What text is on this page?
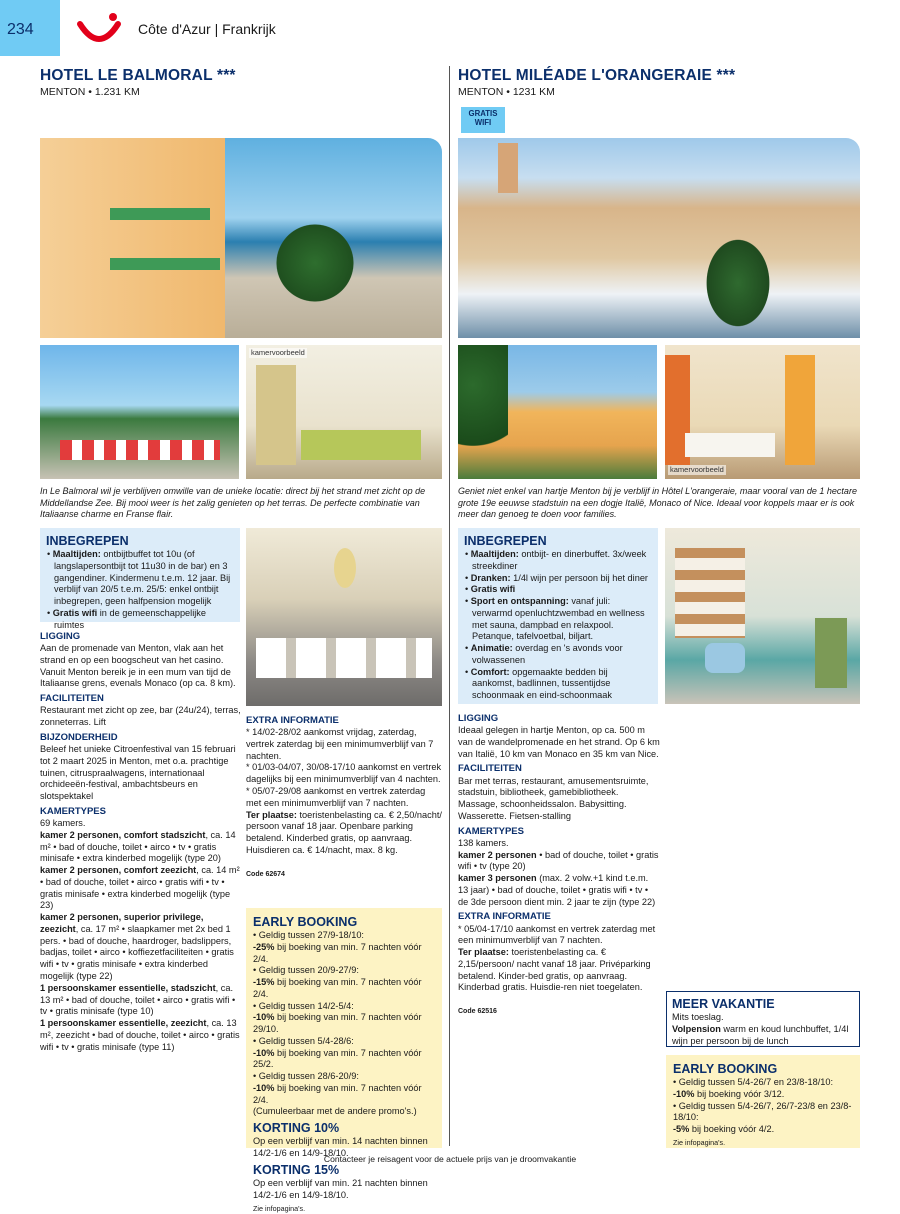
234	Côte d'Azur | Frankrijk
HOTEL LE BALMORAL ***
MENTON • 1.231 KM
kamervoorbeeld
In Le Balmoral wil je verblijven omwille van de unieke locatie: direct bij het strand met zicht op de Middellandse Zee. Bij mooi weer is het zalig genieten op het terras. De perfecte combinatie van Italiaanse charme en Franse flair.
INBEGREPEN
• Maaltijden: ontbijtbuffet tot 10u (of langslapersontbijt tot 11u30 in de bar) en 3 gangendiner. Kindermenu t.e.m. 12 jaar. Bij verblijf van 20/5 t.e.m. 25/5: enkel ontbijt inbegrepen, geen halfpension mogelijk
• Gratis wifi in de gemeenschappelijke ruimtes
LIGGING
Aan de promenade van Menton, vlak aan het strand en op een boogscheut van het casino. Vanuit Menton bereik je in een mum van tijd de Italiaanse grens, evenals Monaco (op ca. 8 km).
FACILITEITEN
Restaurant met zicht op zee, bar (24u/24), terras, zonneterras. Lift
BIJZONDERHEID
Beleef het unieke Citroenfestival van 15 februari tot 2 maart 2025 in Menton, met o.a. prachtige tuinen, citruspraalwagens, internationaal orchideeën-festival, ambachtsbeurs en slotspektakel
KAMERTYPES
69 kamers.
kamer 2 personen, comfort stadszicht, ca. 14 m² • bad of douche, toilet • airco • tv • gratis minisafe • extra kinderbed mogelijk (type 20)
kamer 2 personen, comfort zeezicht, ca. 14 m² • bad of douche, toilet • airco • gratis wifi • tv • gratis minisafe • extra kinderbed mogelijk (type 23)
kamer 2 personen, superior privilege, zeezicht, ca. 17 m² • slaapkamer met 2x bed 1 pers. • bad of douche, haardroger, badslippers, badjas, toilet • airco • koffiezetfaciliteiten • gratis wifi • tv • gratis minisafe • extra kinderbed mogelijk (type 22)
1 persoonskamer essentielle, stadszicht, ca. 13 m² • bad of douche, toilet • airco • gratis wifi • tv • gratis minisafe (type 10)
1 persoonskamer essentielle, zeezicht, ca. 13 m², zeezicht • bad of douche, toilet • airco • gratis wifi • tv • gratis minisafe (type 11)
EXTRA INFORMATIE
* 14/02-28/02 aankomst vrijdag, zaterdag, vertrek zaterdag bij een minimumverblijf van 7 nachten.
* 01/03-04/07, 30/08-17/10 aankomst en vertrek dagelijks bij een minimumverblijf van 4 nachten.
* 05/07-29/08 aankomst en vertrek zaterdag met een minimumverblijf van 7 nachten.
Ter plaatse: toeristenbelasting ca. € 2,50/nacht/ persoon vanaf 18 jaar. Openbare parking betalend. Kinderbed gratis, op aanvraag. Huisdieren ca. € 14/nacht, max. 8 kg.
Code 62674
EARLY BOOKING
• Geldig tussen 27/9-18/10:
-25% bij boeking van min. 7 nachten vóór 2/4.
• Geldig tussen 20/9-27/9:
-15% bij boeking van min. 7 nachten vóór 2/4.
• Geldig tussen 14/2-5/4:
-10% bij boeking van min. 7 nachten vóór 29/10.
• Geldig tussen 5/4-28/6:
-10% bij boeking van min. 7 nachten vóór 25/2.
• Geldig tussen 28/6-20/9:
-10% bij boeking van min. 7 nachten vóór 2/4.
(Cumuleerbaar met de andere promo's.)
KORTING 10%
Op een verblijf van min. 14 nachten binnen 14/2-1/6 en 14/9-18/10.
KORTING 15%
Op een verblijf van min. 21 nachten binnen 14/2-1/6 en 14/9-18/10.
Zie infopagina's.
HOTEL MILÉADE L'ORANGERAIE ***
MENTON • 1231 KM
GRATIS WIFI
kamervoorbeeld
Geniet niet enkel van hartje Menton bij je verblijf in Hôtel L'orangeraie, maar vooral van de 1 hectare grote 19e eeuwse stadstuin na een dogje Italië, Monaco of Nice. Ideaal voor koppels maar er is ook meer dan genoeg te doen voor families.
INBEGREPEN
• Maaltijden: ontbijt- en dinerbuffet. 3x/week streekdiner
• Dranken: 1/4l wijn per persoon bij het diner
• Gratis wifi
• Sport en ontspanning: vanaf juli: verwarmd openluchtzwembad en wellness met sauna, dampbad en relaxpool. Petanque, tafelvoetbal, biljart.
• Animatie: overdag en 's avonds voor volwassenen
• Comfort: opgemaakte bedden bij aankomst, badlinnen, tussentijdse schoonmaak en eind-schoonmaak
LIGGING
Ideaal gelegen in hartje Menton, op ca. 500 m van de wandelpromenade en het strand. Op 6 km van Italië, 10 km van Monaco en 35 km van Nice.
FACILITEITEN
Bar met terras, restaurant, amusementsruimte, stadstuin, bibliotheek, gamebibliotheek. Massage, schoonheidssalon. Babysitting. Wasserette. Fietsen-stalling
KAMERTYPES
138 kamers.
kamer 2 personen • bad of douche, toilet • gratis wifi • tv (type 20)
kamer 3 personen (max. 2 volw.+1 kind t.e.m. 13 jaar) • bad of douche, toilet • gratis wifi • tv • de 3de persoon dient min. 2 jaar te zijn (type 22)
EXTRA INFORMATIE
* 05/04-17/10 aankomst en vertrek zaterdag met een minimumverblijf van 7 nachten.
Ter plaatse: toeristenbelasting ca. € 2,15/persoon/ nacht vanaf 18 jaar. Privéparking betalend. Kinder-bed gratis, op aanvraag. Kinderbad gratis. Huisdie-ren niet toegelaten.
Code 62516
MEER VAKANTIE
Mits toeslag.
Volpension warm en koud lunchbuffet, 1/4l wijn per persoon bij de lunch
EARLY BOOKING
• Geldig tussen 5/4-26/7 en 23/8-18/10:
-10% bij boeking vóór 3/12.
• Geldig tussen 5/4-26/7, 26/7-23/8 en 23/8-18/10:
-5% bij boeking vóór 4/2.
Zie infopagina's.
Contacteer je reisagent voor de actuele prijs van je droomvakantie
